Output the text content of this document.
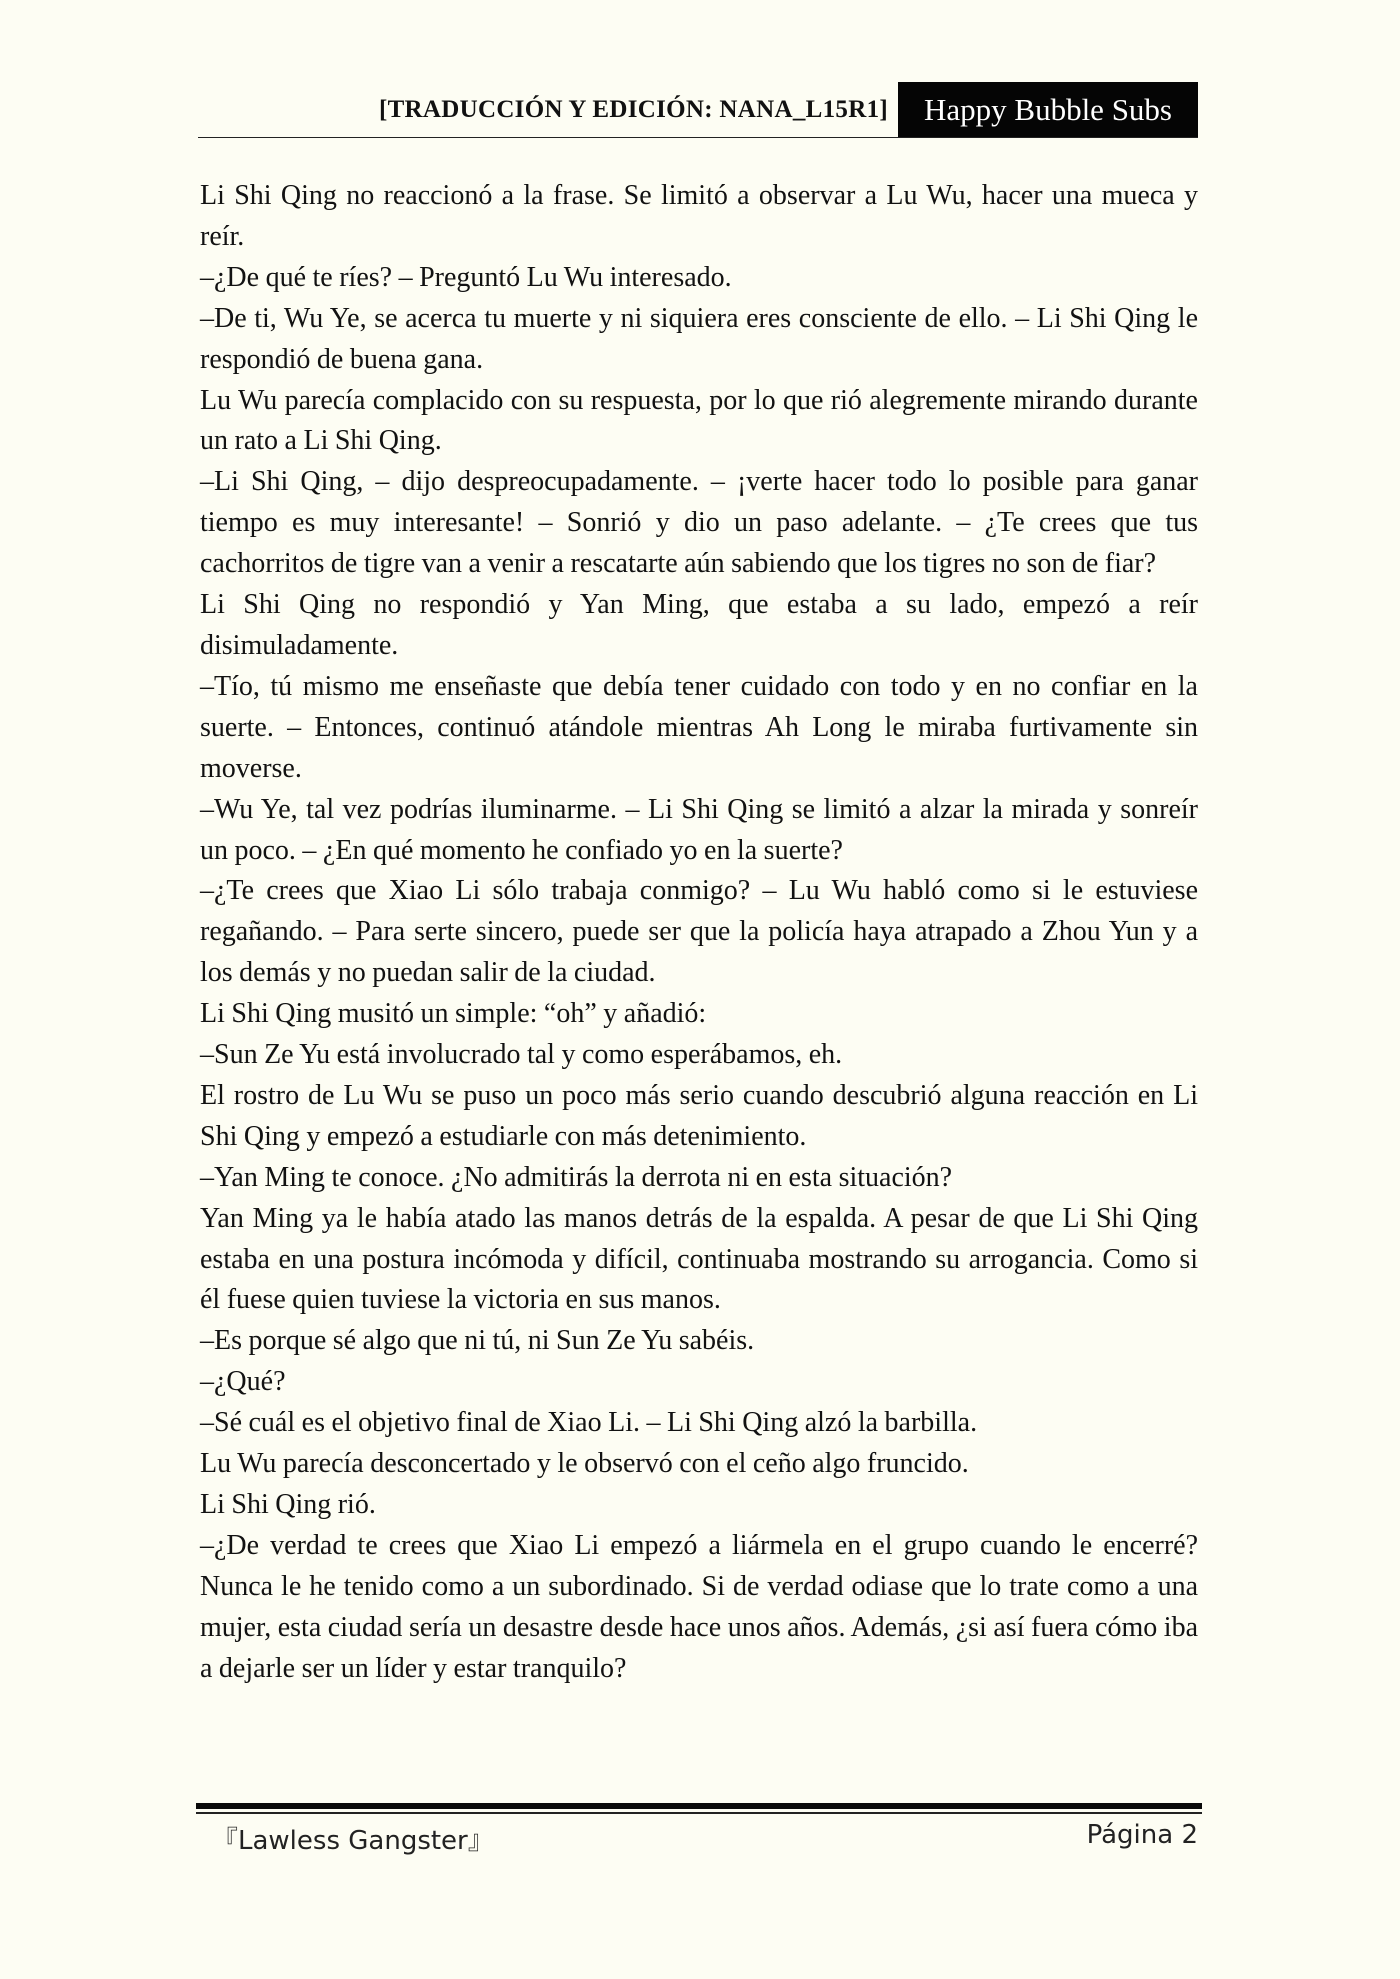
[TRADUCCIÓN Y EDICIÓN: NANA_L15R1]	Happy Bubble Subs

Li Shi Qing no reaccionó a la frase. Se limitó a observar a Lu Wu, hacer una mueca y reír.

–¿De qué te ríes? – Preguntó Lu Wu interesado.

–De ti, Wu Ye, se acerca tu muerte y ni siquiera eres consciente de ello. – Li Shi Qing le respondió de buena gana.

Lu Wu parecía complacido con su respuesta, por lo que rió alegremente mirando durante un rato a Li Shi Qing.

–Li Shi Qing, – dijo despreocupadamente. – ¡verte hacer todo lo posible para ganar tiempo es muy interesante! – Sonrió y dio un paso adelante. – ¿Te crees que tus cachorritos de tigre van a venir a rescatarte aún sabiendo que los tigres no son de fiar?

Li Shi Qing no respondió y Yan Ming, que estaba a su lado, empezó a reír disimuladamente.

–Tío, tú mismo me enseñaste que debía tener cuidado con todo y en no confiar en la suerte. – Entonces, continuó atándole mientras Ah Long le miraba furtivamente sin moverse.

–Wu Ye, tal vez podrías iluminarme. – Li Shi Qing se limitó a alzar la mirada y sonreír un poco. – ¿En qué momento he confiado yo en la suerte?

–¿Te crees que Xiao Li sólo trabaja conmigo? – Lu Wu habló como si le estuviese regañando. – Para serte sincero, puede ser que la policía haya atrapado a Zhou Yun y a los demás y no puedan salir de la ciudad.

Li Shi Qing musitó un simple: “oh” y añadió:

–Sun Ze Yu está involucrado tal y como esperábamos, eh.

El rostro de Lu Wu se puso un poco más serio cuando descubrió alguna reacción en Li Shi Qing y empezó a estudiarle con más detenimiento.

–Yan Ming te conoce. ¿No admitirás la derrota ni en esta situación?

Yan Ming ya le había atado las manos detrás de la espalda. A pesar de que Li Shi Qing estaba en una postura incómoda y difícil, continuaba mostrando su arrogancia. Como si él fuese quien tuviese la victoria en sus manos.

–Es porque sé algo que ni tú, ni Sun Ze Yu sabéis.

–¿Qué?

–Sé cuál es el objetivo final de Xiao Li. – Li Shi Qing alzó la barbilla.

Lu Wu parecía desconcertado y le observó con el ceño algo fruncido.

Li Shi Qing rió.

–¿De verdad te crees que Xiao Li empezó a liármela en el grupo cuando le encerré? Nunca le he tenido como a un subordinado. Si de verdad odiase que lo trate como a una mujer, esta ciudad sería un desastre desde hace unos años. Además, ¿si así fuera cómo iba a dejarle ser un líder y estar tranquilo?

『Lawless Gangster』	Página 2
